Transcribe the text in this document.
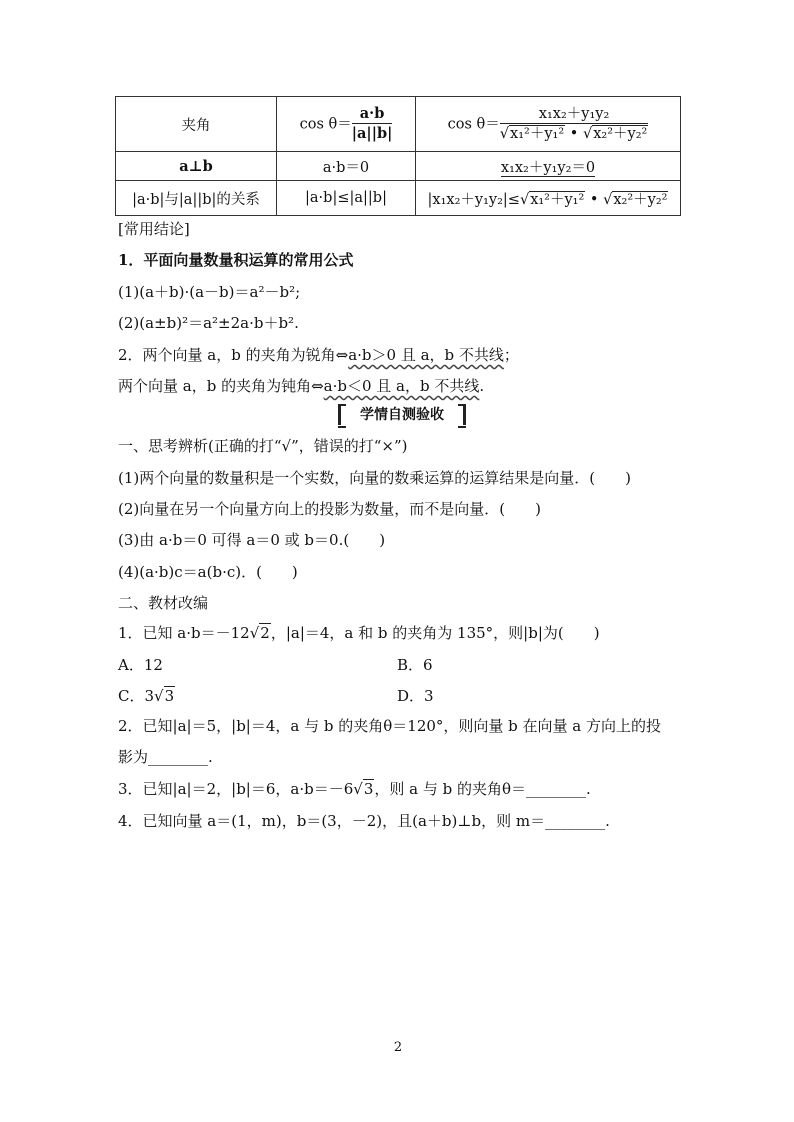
夹角	$\cos \theta= \frac{a\cdot b}{|a||b|}$	$\cos \theta= \frac{\text{x₁x₂＋y₁y₂}}{\text{√x₁²＋y₁² • √x₂²＋y₂²}}$

a⊥b	a·b＝0	x₁x₂＋y₁y₂＝0
|a·b|与|a||b|的关系	|a·b|≤|a||b|	|x₁x₂＋y₁y₂|≤√x₁²＋y₁² • √x₂²＋y₂²
[常用结论]
1．平面向量数量积运算的常用公式
(1)(a＋b)·(a－b)＝a²－b²;
(2)(a±b)²＝a²±2a·b＋b².
2．两个向量 a，b 的夹角为锐角⇔a·b＞0 且 a，b 不共线；
两个向量 a，b 的夹角为钝角⇔a·b＜0 且 a，b 不共线.
学情自测验收
一、思考辨析(正确的打“√”，错误的打“×”)
(1)两个向量的数量积是一个实数，向量的数乘运算的运算结果是向量．(　　)
(2)向量在另一个向量方向上的投影为数量，而不是向量．(　　)
(3)由 a·b＝0 可得 a＝0 或 b＝0.(　　)
(4)(a·b)c＝a(b·c)．(　　)
二、教材改编
1．已知 a·b＝－12√2，|a|＝4，a 和 b 的夹角为 135°，则|b|为(　　)
A．12	B．6
C．3√3	D．3
2．已知|a|＝5，|b|＝4，a 与 b 的夹角θ＝120°，则向量 b 在向量 a 方向上的投
影为________.
3．已知|a|＝2，|b|＝6，a·b＝－6√3，则 a 与 b 的夹角θ＝________.
4．已知向量 a＝(1，m)，b＝(3，－2)，且(a＋b)⊥b，则 m＝________.
2
